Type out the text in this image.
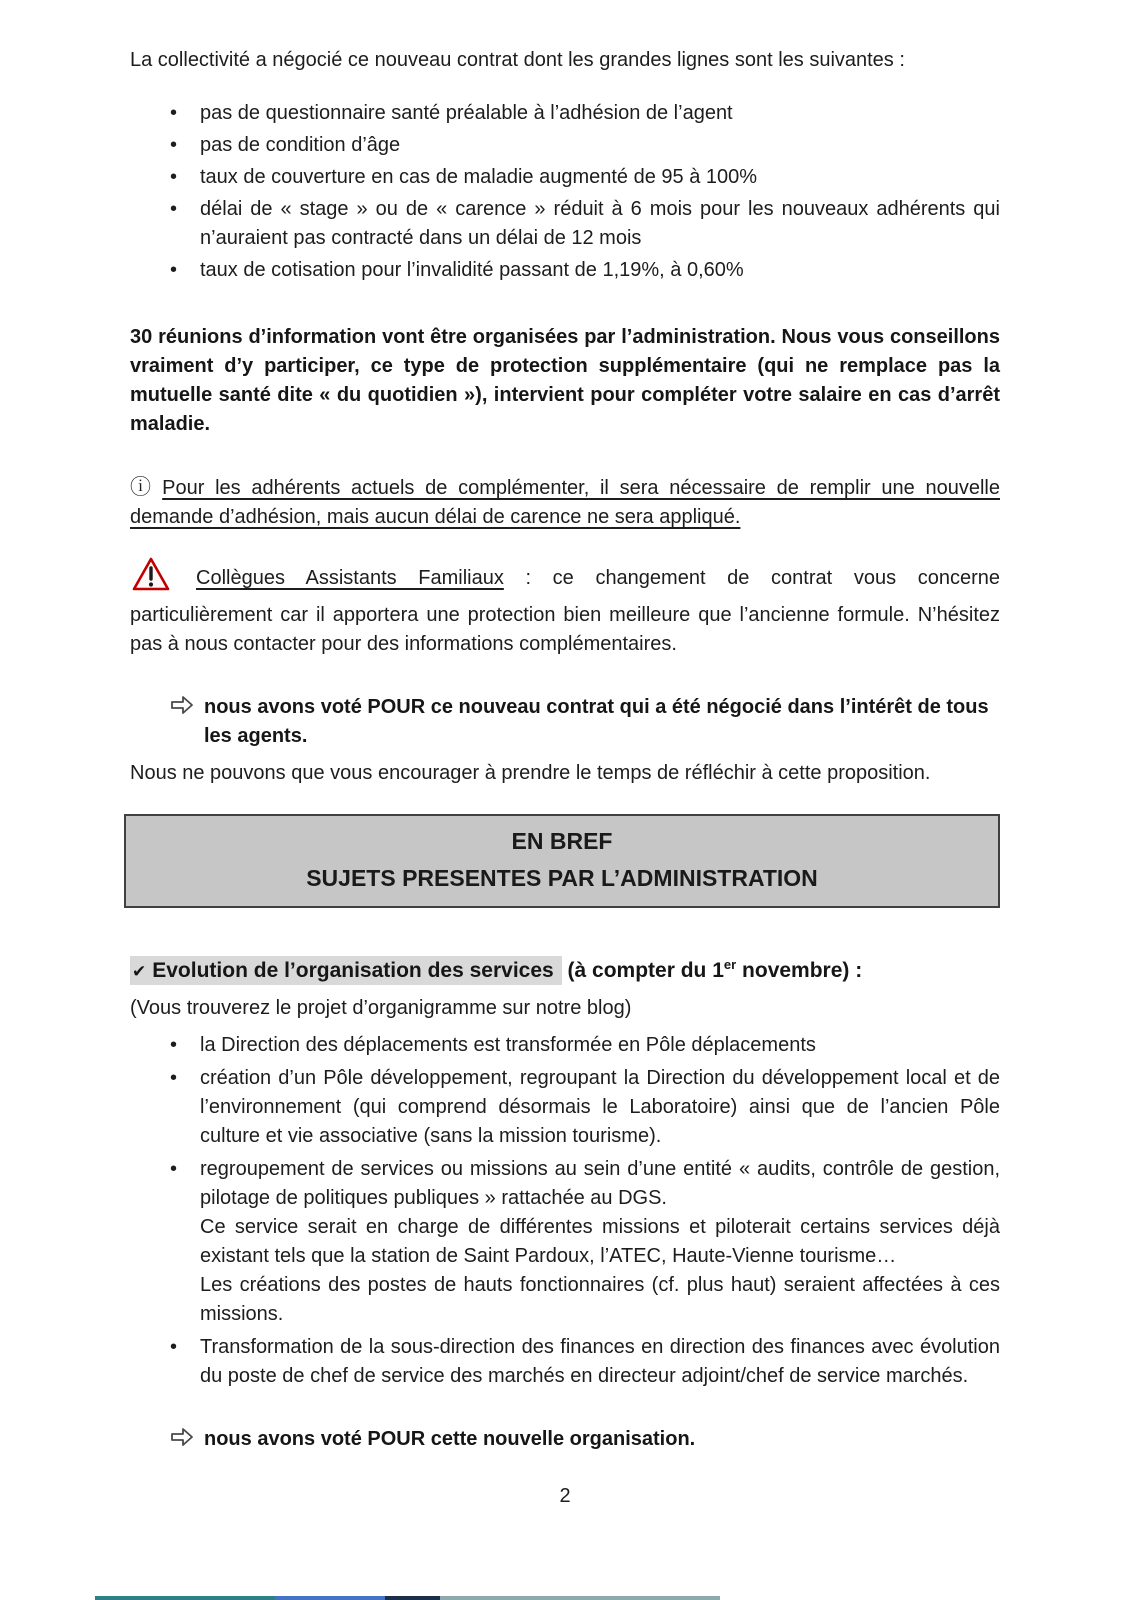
La collectivité a négocié ce nouveau contrat dont les grandes lignes sont les suivantes :

•	pas de questionnaire santé préalable à l’adhésion de l’agent
•	pas de condition d’âge
•	taux de couverture en cas de maladie augmenté de 95 à 100%
•	délai de « stage » ou de « carence » réduit à 6 mois pour les nouveaux adhérents qui n’auraient pas contracté dans un délai de 12 mois
•	taux de cotisation pour l’invalidité passant de 1,19%, à 0,60%

30 réunions d’information vont être organisées par l’administration. Nous vous conseillons vraiment d’y participer, ce type de protection supplémentaire (qui ne remplace pas la mutuelle santé dite « du quotidien »), intervient pour compléter votre salaire en cas d’arrêt maladie.

ⓘ Pour les adhérents actuels de complémenter, il sera nécessaire de remplir une nouvelle demande d’adhésion, mais aucun délai de carence ne sera appliqué.

Collègues Assistants Familiaux : ce changement de contrat vous concerne particulièrement car il apportera une protection bien meilleure que l’ancienne formule. N’hésitez pas à nous contacter pour des informations complémentaires.

nous avons voté POUR ce nouveau contrat qui a été négocié dans l’intérêt de tous les agents.

Nous ne pouvons que vous encourager à prendre le temps de réfléchir à cette proposition.

EN BREF
SUJETS PRESENTES PAR L’ADMINISTRATION
✔ Evolution de l’organisation des services (à compter du 1er novembre) :

(Vous trouverez le projet d’organigramme sur notre blog)

•	la Direction des déplacements est transformée en Pôle déplacements
•	création d’un Pôle développement, regroupant la Direction du développement local et de l’environnement (qui comprend désormais le Laboratoire) ainsi que de l’ancien Pôle culture et vie associative (sans la mission tourisme).
•	regroupement de services ou missions au sein d’une entité « audits, contrôle de gestion, pilotage de politiques publiques » rattachée au DGS.
Ce service serait en charge de différentes missions et piloterait certains services déjà existant tels que la station de Saint Pardoux, l’ATEC, Haute-Vienne tourisme…
Les créations des postes de hauts fonctionnaires (cf. plus haut) seraient affectées à ces missions.
•	Transformation de la sous-direction des finances en direction des finances avec évolution du poste de chef de service des marchés en directeur adjoint/chef de service marchés.
nous avons voté POUR cette nouvelle organisation.
2
